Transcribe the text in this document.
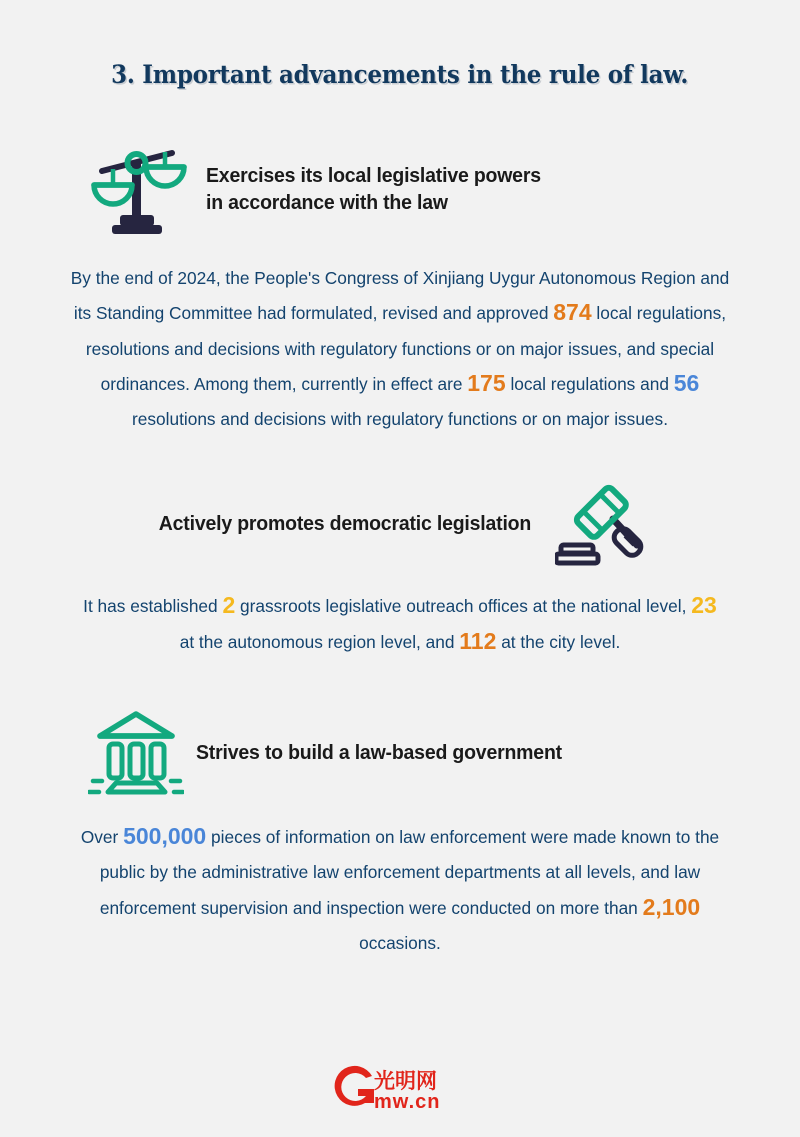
3. Important advancements in the rule of law.
Exercises its local legislative powers
in accordance with the law
By the end of 2024, the People's Congress of Xinjiang Uygur Autonomous Region and its Standing Committee had formulated, revised and approved 874 local regulations, resolutions and decisions with regulatory functions or on major issues, and special ordinances. Among them, currently in effect are 175 local regulations and 56 resolutions and decisions with regulatory functions or on major issues.
Actively promotes democratic legislation
It has established 2 grassroots legislative outreach offices at the national level, 23 at the autonomous region level, and 112 at the city level.
Strives to build a law-based government
Over 500,000 pieces of information on law enforcement were made known to the public by the administrative law enforcement departments at all levels, and law enforcement supervision and inspection were conducted on more than 2,100 occasions.
光明网
mw.cn
